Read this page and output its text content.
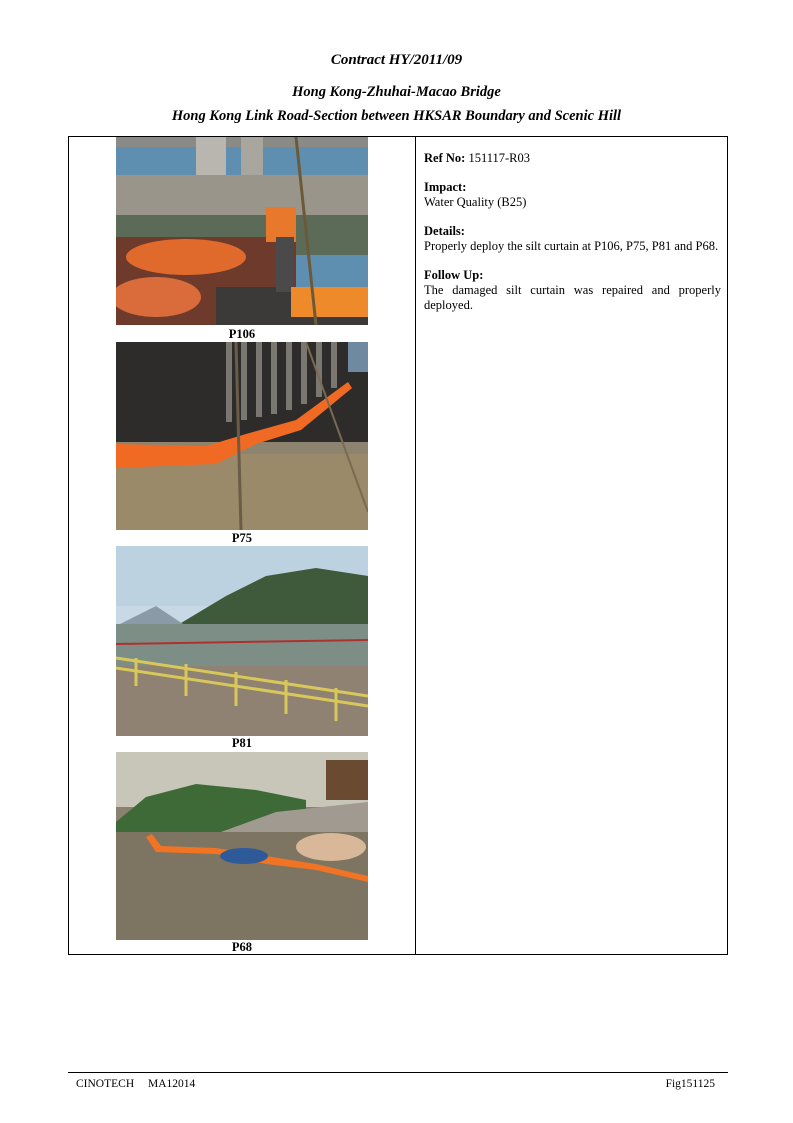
Contract HY/2011/09
Hong Kong-Zhuhai-Macao Bridge
Hong Kong Link Road-Section between HKSAR Boundary and Scenic Hill
P106
P75
P81
P68
Ref No: 151117-R03
Impact:
Water Quality (B25)
Details:
Properly deploy the silt curtain at P106, P75, P81 and P68.
Follow Up:
The damaged silt curtain was repaired and properly deployed.
CINOTECH MA12014	Fig151125
